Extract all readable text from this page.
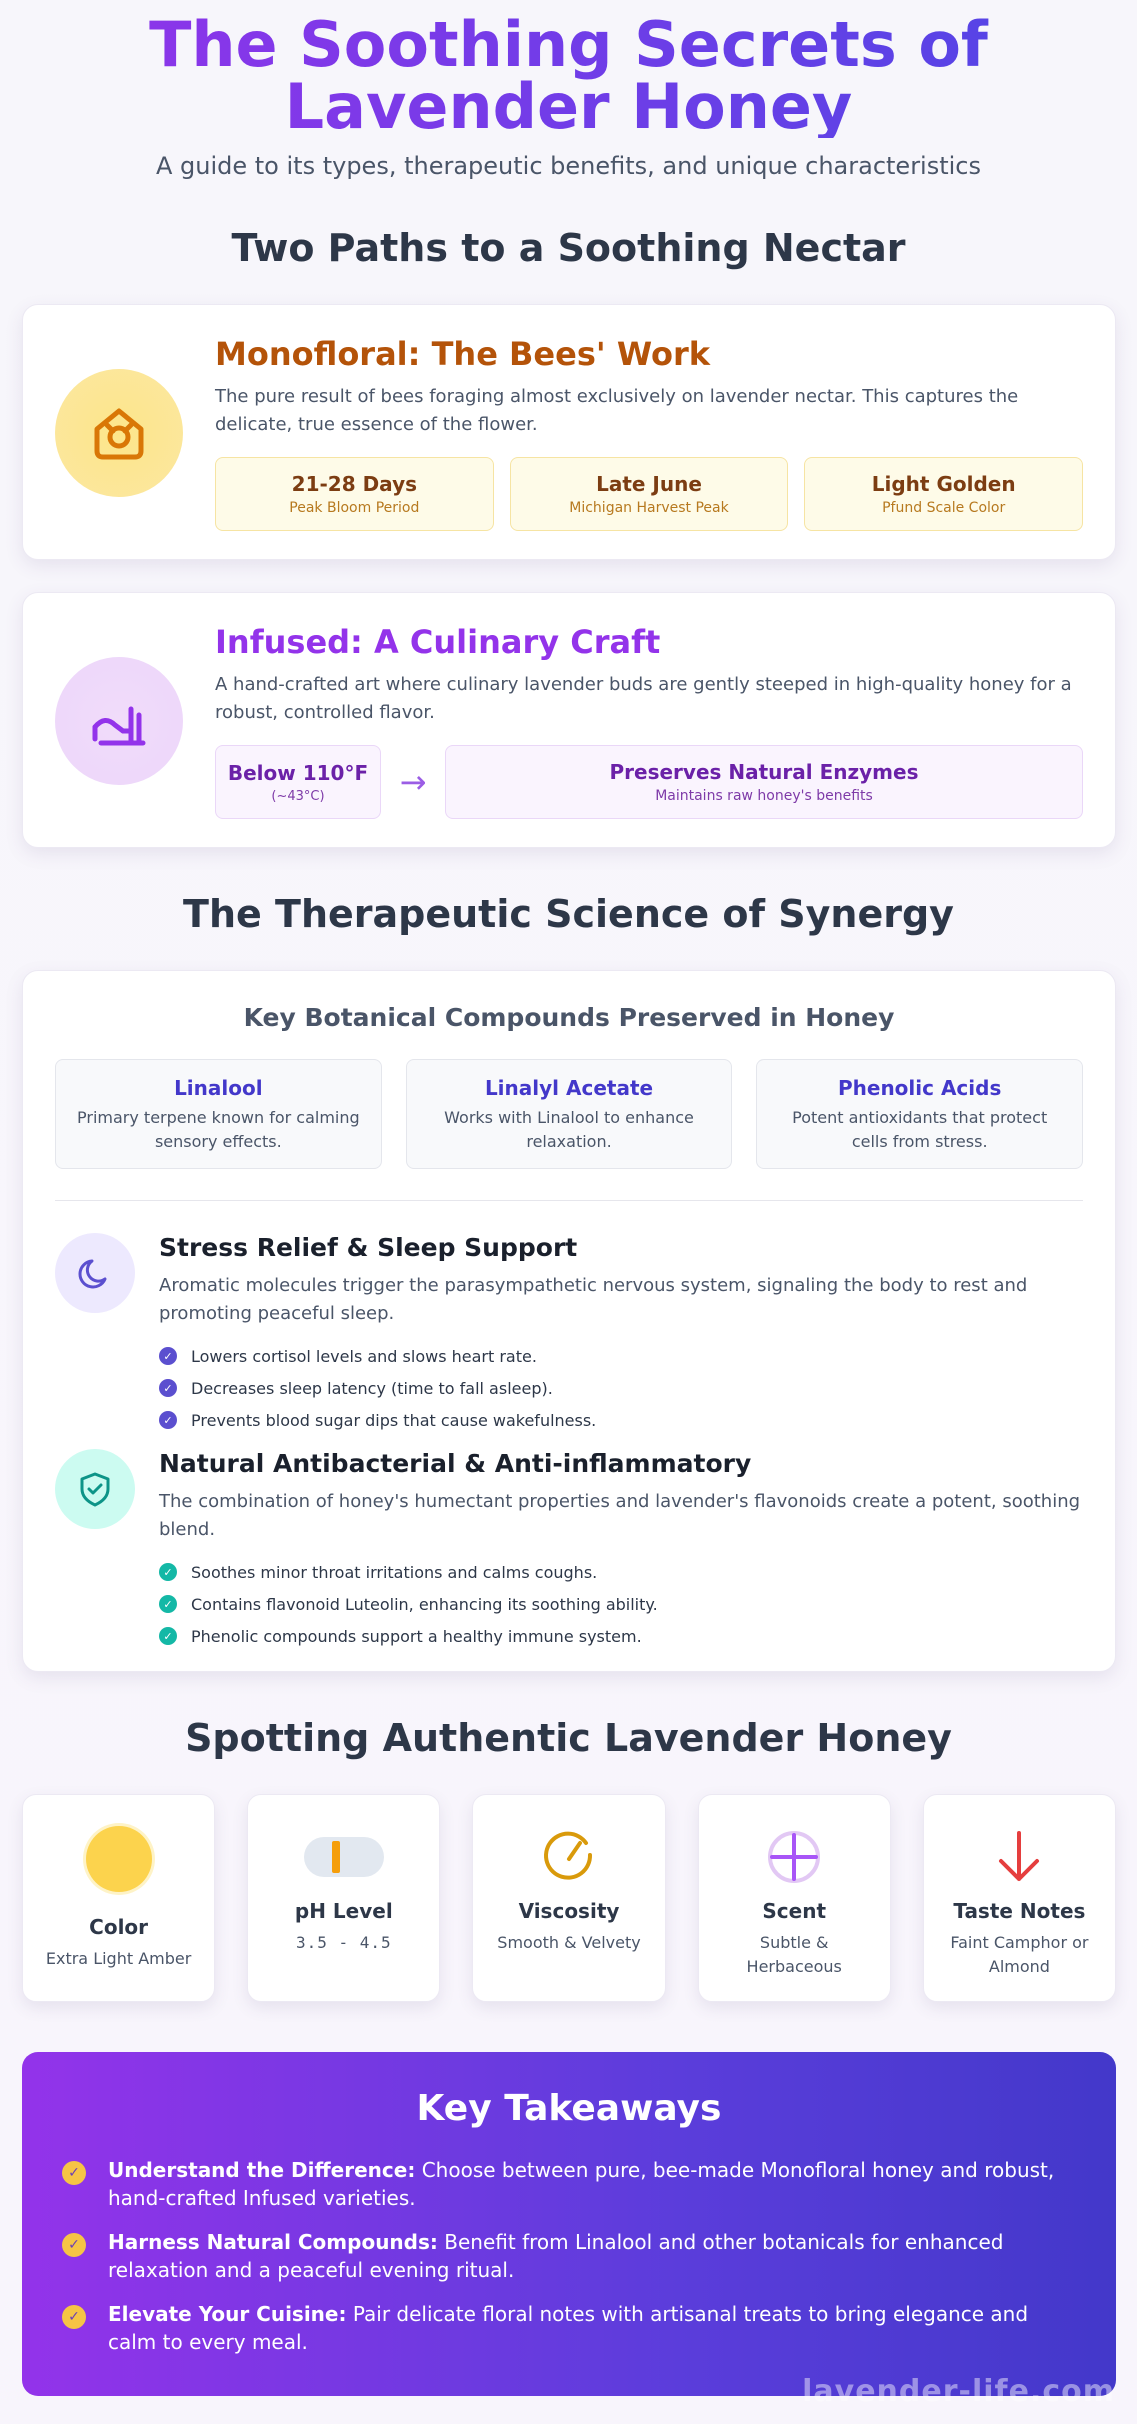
The Soothing Secrets of
Lavender Honey

A guide to its types, therapeutic benefits, and unique characteristics

Two Paths to a Soothing Nectar
Monofloral: The Bees' Work
The pure result of bees foraging almost exclusively on lavender nectar. This captures the delicate, true essence of the flower.
21-28 Days
Peak Bloom Period
Late June
Michigan Harvest Peak
Light Golden
Pfund Scale Color
Infused: A Culinary Craft
A hand-crafted art where culinary lavender buds are gently steeped in high-quality honey for a robust, controlled flavor.
Below 110°F
(~43°C) →	Preserves Natural Enzymes
Maintains raw honey's benefits
The Therapeutic Science of Synergy
Key Botanical Compounds Preserved in Honey
Linalool
Primary terpene known for calming sensory effects.
Linalyl Acetate
Works with Linalool to enhance relaxation.
Phenolic Acids
Potent antioxidants that protect cells from stress.
Stress Relief & Sleep Support
Aromatic molecules trigger the parasympathetic nervous system, signaling the body to rest and promoting peaceful sleep.
✓ Lowers cortisol levels and slows heart rate.
✓ Decreases sleep latency (time to fall asleep).
✓ Prevents blood sugar dips that cause wakefulness.
Natural Antibacterial & Anti-inflammatory
The combination of honey's humectant properties and lavender's flavonoids create a potent, soothing blend.
✓ Soothes minor throat irritations and calms coughs.
✓ Contains flavonoid Luteolin, enhancing its soothing ability.
✓ Phenolic compounds support a healthy immune system.
Spotting Authentic Lavender Honey
Color
Extra Light Amber
pH Level
3.5 - 4.5
Viscosity
Smooth & Velvety
Scent
Subtle & Herbaceous
Taste Notes
Faint Camphor or Almond
Key Takeaways
✓	Understand the Difference: Choose between pure, bee-made Monofloral honey and robust, hand-crafted Infused varieties.
✓	Harness Natural Compounds: Benefit from Linalool and other botanicals for enhanced relaxation and a peaceful evening ritual.
✓	Elevate Your Cuisine: Pair delicate floral notes with artisanal treats to bring elegance and calm to every meal.
lavender-life.com
